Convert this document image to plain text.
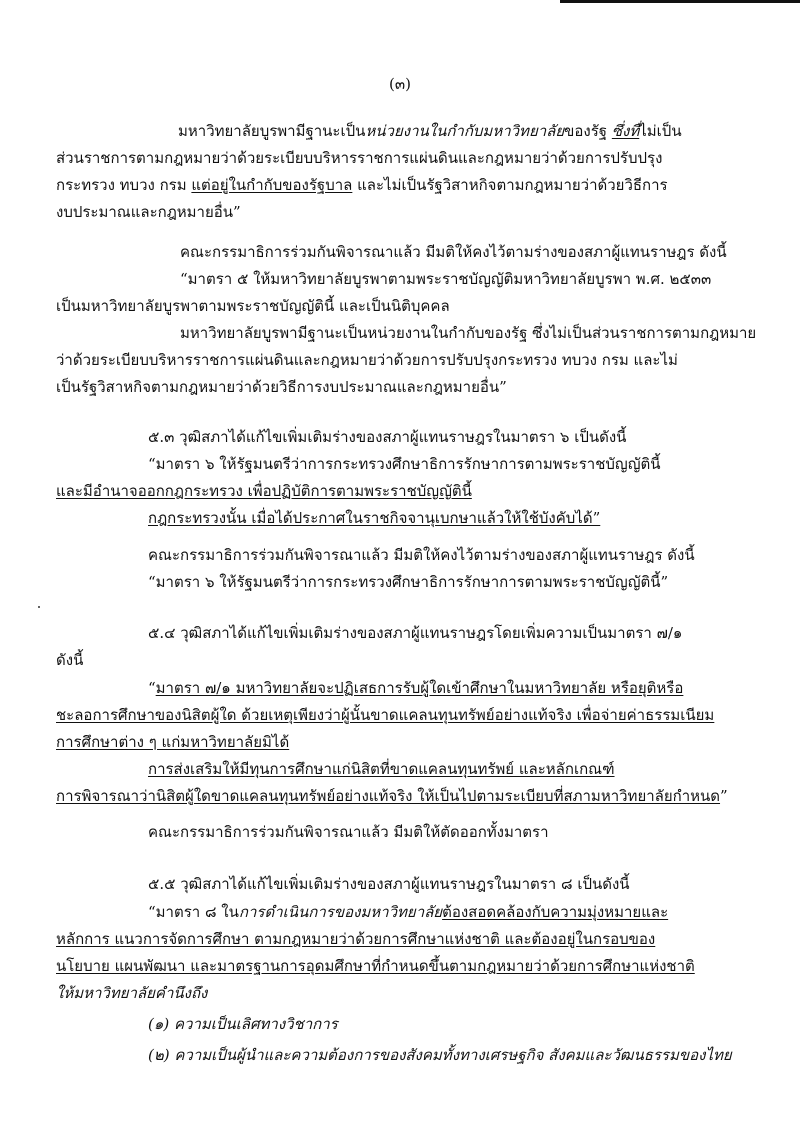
(๓)
มหาวิทยาลัยบูรพามีฐานะเป็นหน่วยงานในกำกับมหาวิทยาลัยของรัฐ ซึ่งที่ไม่เป็น
ส่วนราชการตามกฎหมายว่าด้วยระเบียบบริหารราชการแผ่นดินและกฎหมายว่าด้วยการปรับปรุง
กระทรวง ทบวง กรม แต่อยู่ในกำกับของรัฐบาล และไม่เป็นรัฐวิสาหกิจตามกฎหมายว่าด้วยวิธีการ
งบประมาณและกฎหมายอื่น”
คณะกรรมาธิการร่วมกันพิจารณาแล้ว มีมติให้คงไว้ตามร่างของสภาผู้แทนราษฎร ดังนี้
“มาตรา ๕ ให้มหาวิทยาลัยบูรพาตามพระราชบัญญัติมหาวิทยาลัยบูรพา พ.ศ. ๒๕๓๓
เป็นมหาวิทยาลัยบูรพาตามพระราชบัญญัตินี้ และเป็นนิติบุคคล
มหาวิทยาลัยบูรพามีฐานะเป็นหน่วยงานในกำกับของรัฐ ซึ่งไม่เป็นส่วนราชการตามกฎหมาย
ว่าด้วยระเบียบบริหารราชการแผ่นดินและกฎหมายว่าด้วยการปรับปรุงกระทรวง ทบวง กรม และไม่
เป็นรัฐวิสาหกิจตามกฎหมายว่าด้วยวิธีการงบประมาณและกฎหมายอื่น”
๕.๓ วุฒิสภาได้แก้ไขเพิ่มเติมร่างของสภาผู้แทนราษฎรในมาตรา ๖ เป็นดังนี้
“มาตรา ๖ ให้รัฐมนตรีว่าการกระทรวงศึกษาธิการรักษาการตามพระราชบัญญัตินี้
และมีอำนาจออกกฎกระทรวง เพื่อปฏิบัติการตามพระราชบัญญัตินี้
กฎกระทรวงนั้น เมื่อได้ประกาศในราชกิจจานุเบกษาแล้วให้ใช้บังคับได้”
คณะกรรมาธิการร่วมกันพิจารณาแล้ว มีมติให้คงไว้ตามร่างของสภาผู้แทนราษฎร ดังนี้
“มาตรา ๖ ให้รัฐมนตรีว่าการกระทรวงศึกษาธิการรักษาการตามพระราชบัญญัตินี้”
๕.๔ วุฒิสภาได้แก้ไขเพิ่มเติมร่างของสภาผู้แทนราษฎรโดยเพิ่มความเป็นมาตรา ๗/๑
ดังนี้
“มาตรา ๗/๑ มหาวิทยาลัยจะปฏิเสธการรับผู้ใดเข้าศึกษาในมหาวิทยาลัย หรือยุติหรือ
ชะลอการศึกษาของนิสิตผู้ใด ด้วยเหตุเพียงว่าผู้นั้นขาดแคลนทุนทรัพย์อย่างแท้จริง เพื่อจ่ายค่าธรรมเนียม
การศึกษาต่าง ๆ แก่มหาวิทยาลัยมิได้
การส่งเสริมให้มีทุนการศึกษาแก่นิสิตที่ขาดแคลนทุนทรัพย์ และหลักเกณฑ์
การพิจารณาว่านิสิตผู้ใดขาดแคลนทุนทรัพย์อย่างแท้จริง ให้เป็นไปตามระเบียบที่สภามหาวิทยาลัยกำหนด”
คณะกรรมาธิการร่วมกันพิจารณาแล้ว มีมติให้ตัดออกทั้งมาตรา
๕.๕ วุฒิสภาได้แก้ไขเพิ่มเติมร่างของสภาผู้แทนราษฎรในมาตรา ๘ เป็นดังนี้
“มาตรา ๘ ในการดำเนินการของมหาวิทยาลัยต้องสอดคล้องกับความมุ่งหมายและ
หลักการ แนวการจัดการศึกษา ตามกฎหมายว่าด้วยการศึกษาแห่งชาติ และต้องอยู่ในกรอบของ
นโยบาย แผนพัฒนา และมาตรฐานการอุดมศึกษาที่กำหนดขึ้นตามกฎหมายว่าด้วยการศึกษาแห่งชาติ
ให้มหาวิทยาลัยคำนึงถึง
(๑) ความเป็นเลิศทางวิชาการ
(๒) ความเป็นผู้นำและความต้องการของสังคมทั้งทางเศรษฐกิจ สังคมและวัฒนธรรมของไทย
